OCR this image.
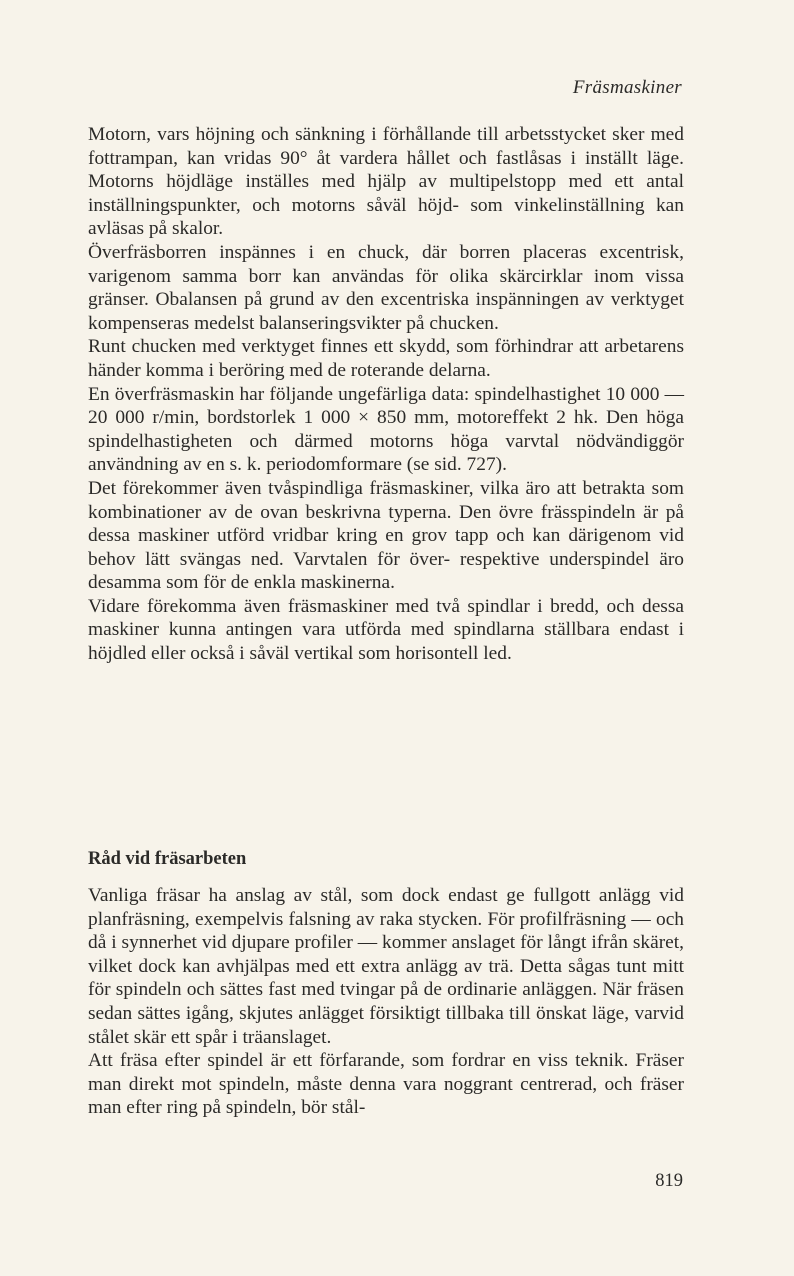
Fräsmaskiner

Motorn, vars höjning och sänkning i förhållande till arbetsstycket sker med fottrampan, kan vridas 90° åt vardera hållet och fastlåsas i inställt läge. Motorns höjdläge inställes med hjälp av multipelstopp med ett antal inställningspunkter, och motorns såväl höjd- som vinkelinställning kan avläsas på skalor.

Överfräsborren inspännes i en chuck, där borren placeras excentrisk, varigenom samma borr kan användas för olika skärcirklar inom vissa gränser. Obalansen på grund av den excentriska inspänningen av verktyget kompenseras medelst balanseringsvikter på chucken.

Runt chucken med verktyget finnes ett skydd, som förhindrar att arbetarens händer komma i beröring med de roterande delarna.

En överfräsmaskin har följande ungefärliga data: spindelhastighet 10 000 — 20 000 r/min, bordstorlek 1 000 × 850 mm, motoreffekt 2 hk. Den höga spindelhastigheten och därmed motorns höga varvtal nödvändiggör användning av en s. k. periodomformare (se sid. 727).

Det förekommer även tvåspindliga fräsmaskiner, vilka äro att betrakta som kombinationer av de ovan beskrivna typerna. Den övre frässpindeln är på dessa maskiner utförd vridbar kring en grov tapp och kan därigenom vid behov lätt svängas ned. Varvtalen för över- respektive underspindel äro desamma som för de enkla maskinerna.

Vidare förekomma även fräsmaskiner med två spindlar i bredd, och dessa maskiner kunna antingen vara utförda med spindlarna ställbara endast i höjdled eller också i såväl vertikal som horisontell led.

Råd vid fräsarbeten

Vanliga fräsar ha anslag av stål, som dock endast ge fullgott anlägg vid planfräsning, exempelvis falsning av raka stycken. För profilfräsning — och då i synnerhet vid djupare profiler — kommer anslaget för långt ifrån skäret, vilket dock kan avhjälpas med ett extra anlägg av trä. Detta sågas tunt mitt för spindeln och sättes fast med tvingar på de ordinarie anläggen. När fräsen sedan sättes igång, skjutes anlägget försiktigt tillbaka till önskat läge, varvid stålet skär ett spår i träanslaget.

Att fräsa efter spindel är ett förfarande, som fordrar en viss teknik. Fräser man direkt mot spindeln, måste denna vara noggrant centrerad, och fräser man efter ring på spindeln, bör stål-

819
